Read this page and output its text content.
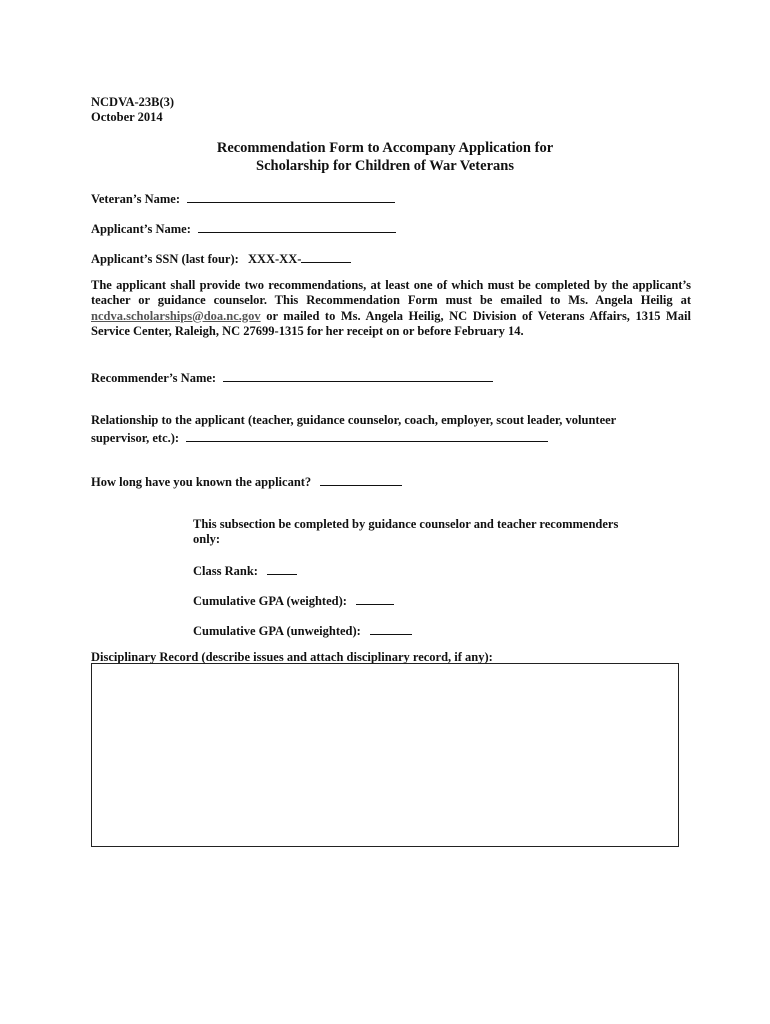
NCDVA-23B(3)
October 2014
Recommendation Form to Accompany Application for
Scholarship for Children of War Veterans
Veteran’s Name:
Applicant’s Name:
Applicant’s SSN (last four): XXX-XX-
The applicant shall provide two recommendations, at least one of which must be completed by the applicant’s teacher or guidance counselor. This Recommendation Form must be emailed to Ms. Angela Heilig at ncdva.scholarships@doa.nc.gov or mailed to Ms. Angela Heilig, NC Division of Veterans Affairs, 1315 Mail Service Center, Raleigh, NC 27699-1315 for her receipt on or before February 14.
Recommender’s Name:
Relationship to the applicant (teacher, guidance counselor, coach, employer, scout leader, volunteer
supervisor, etc.):
How long have you known the applicant?
This subsection be completed by guidance counselor and teacher recommenders
only:
Class Rank:
Cumulative GPA (weighted):
Cumulative GPA (unweighted):
Disciplinary Record (describe issues and attach disciplinary record, if any):
